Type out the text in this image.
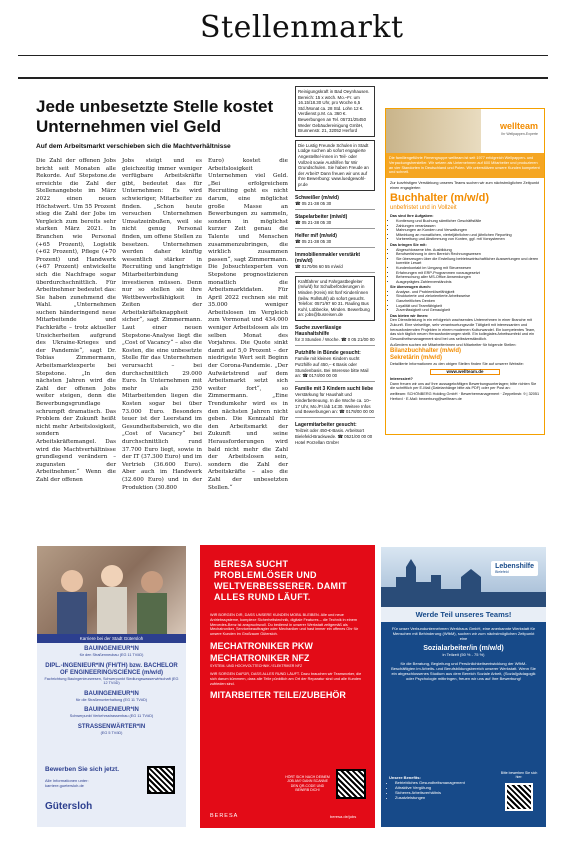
Stellenmarkt
Jede unbesetzte Stelle kostet Unternehmen viel Geld
Auf dem Arbeitsmarkt verschieben sich die Machtverhältnisse
Die Zahl der offenen Jobs bricht seit Monaten alle Rekorde. Auf Stepstone.de erreichte die Zahl der Stellenangebote im März 2022 einen neuen Höchstwert. Um 55 Prozent stieg die Zahl der Jobs im Vergleich zum bereits sehr starken März 2021. In Branchen wie Personal (+65 Prozent), Logistik (+62 Prozent), Pflege (+70 Prozent) und Handwerk (+67 Prozent) entwickelte sich die Nachfrage sogar überdurchschnittlich. Für Arbeitnehmer bedeutet das: Sie haben zunehmend die Wahl. „Unternehmen suchen händeringend neue Mitarbeitende und Fachkräfte – trotz aktueller Unsicherheiten aufgrund des Ukraine-Krieges und der Pandemie“, sagt Dr. Tobias Zimmermann, Arbeitsmarktexperte bei Stepstone. „In den nächsten Jahren wird die Zahl der offenen Jobs weiter steigen, denn die Bewerbungsgrundlage schrumpft dramatisch. Das Problem der Zukunft heißt nicht mehr Arbeitslosigkeit, sondern Arbeitskräftemangel. Das wird die Machtverhältnisse grundlegend verändern – zugunsten der Arbeitnehmer.“ Wenn die Zahl der offenen
Jobs steigt und es gleichzeitig immer weniger verfügbare Arbeitskräfte gibt, bedeutet das für Unternehmen: Es wird schwieriger, Mitarbeiter zu finden. „Schon heute versuchen Unternehmen Umsatzeinbußen, weil sie nicht genug Personal finden, um offene Stellen zu besetzen. Unternehmen werden daher künftig wesentlich stärker in Recruiting und langfristige Mitarbeiterbindung investieren müssen. Denn nur so stellen sie ihre Wettbewerbsfähigkeit in Zeiten der Arbeitskräfteknappheit sicher“, sagt Zimmermann. Laut einer neuen Stepstone-Analyse liegt die „Cost of Vacancy“ – also die Kosten, die eine unbesetzte Stelle für das Unternehmen verursacht – bei durchschnittlich 29.000 Euro. In Unternehmen mit mehr als 250 Mitarbeitenden liegen die Kosten sogar bei über 73.000 Euro. Besonders teuer ist der Leerstand im Gesundheitsbereich, wo die „Cost of Vacancy“ bei durchschnittlich rund 37.700 Euro liegt, sowie in der IT (37.300 Euro) und im Vertrieb (36.600 Euro). Aber auch im Handwerk (32.600 Euro) und in der Produktion (30.800
Euro) kostet die Arbeitslosigkeit Unternehmen viel Geld. „Bei erfolgreichem Recruiting geht es nicht darum, eine möglichst große Masse an Bewerbungen zu sammeln, sondern in möglichst kurzer Zeit genau die Talente und Menschen zusammenzubringen, die wirklich zusammen passen“, sagt Zimmermann. Die Jobsuchtexperten von Stepstone prognostizieren monatlich die Arbeitsmarktdaten. Für April 2022 rechnen sie mit 35.000 weniger Arbeitslosen im Vergleich zum Vormonat und 434.000 weniger Arbeitslosen als im selben Monat des Vorjahres. Die Quote sinkt damit auf 5,0 Prozent – der niedrigste Wert seit Beginn der Corona-Pandemie. „Der Aufwärtstrend auf dem Arbeitsmarkt setzt sich weiter fort“, so Zimmermann. „Eine Trendumkehr wird es in den nächsten Jahren nicht geben. Die Kennzahl für den Arbeitsmarkt der Zukunft und seine Herausforderungen wird bald nicht mehr die Zahl der Arbeitslosen sein, sondern die Zahl der Arbeitskräfte – also die Zahl der unbesetzten Stellen.“
Reinigungskraft in Bad Oeynhausen. Bereich: 15 x wöch. Mo.–Fr. um 16.15/18.30 Uhr, pro Woche 6,5 Std./Monat ca. 28 Std. Lohn 12 €. Verdienst p.M. ca. 360 €. Bewerbungen an Tel. 05731/25450 Weder Gebäudereinigung GmbH, Brunnenstr. 21, 32052 Herford
Die Lustig Freunde Schulen in Stadt Lüdge suchen ab sofort engagierte Angestellte/-innen in Teil- oder Vollzeit sowie Aushilfen für Wir Grundschulen. Sie haben Freude an der Arbeit? Dann freuen wir uns auf Ihre Bewerbung: www.luedgewohl-pr.de
Schweißer (m/w/d)
☎ 05 21-38 05 30
Stapelarbeiter (m/w/d)
☎ 05 21-38 05 30
Helfer m/f (m/w/d)
☎ 05 21-38 05 30
Immobilienmakler verstärkt (m/w/d)
☎ 0170/06 60 55 m/w/d
Kraftfahrer und Fahrgastbegleiter (m/w/d) für Schulbeförderungen in Minden (Kreis) mit fünf Kinder/innen (teilw. Rollstuhl) ab sofort gesucht. Telefon: 0571/97 60 31. Rauling Bus Kuhl, Lübbecke, Minden. Bewerbung an: jobs@busreisen.de
Suche zuverlässige Haushaltshilfe
für 3 Stunden / Woche. ☎ 0 05 21/00 00
Putzhilfe in Bünde gesucht:
Familie mit kleinen Kindern sucht Putzhilfe auf 450,– € Basis oder Stundenbasis. Bei Interesse bitte Mail an: ☎ 0174/00 00 00
Familie mit 3 Kindern sucht liebe
Verstärkung für Haushalt und Kinderbetreuung. In die Woche ca. 10–17 Uhr, Mo./Fr./ab 14:30. Weitere Infos und Bewerbungen an: ☎ 0178/00 00 00
Lagermitarbeiter gesucht:
Teilzeit oder 450-€-Basis. Arbeitsort Bielefeld-Brackwede. ☎ 0521/00 00 00 Hotel Porzellan GmbH
wellteam
Ihr Wellpappen-Experte
Die familiengeführte Firmengruppe wellteam ist seit 1977 erfolgreich Wellpappen- und Verpackungshersteller. Wir setzen als Unternehmen auf 600 Mitarbeiter und produzieren an vier Standorten in Deutschland und Polen. Wir unterstützen unsere Kunden kompetent und schnell.
Zur kurzfristigen Verstärkung unseres Teams suchen wir zum nächstmöglichen Zeitpunkt einen engagierten
Buchhalter (m/w/d)
unbefristet und in Vollzeit
Das sind Ihre Aufgaben:
• Kontierung und Buchung sämtlicher Geschäftsfälle
• Zahlungen veranlassen
• Mahnungen an Kunden und Verwaltungen
• Mitwirkung an monatlichen, vierteljährlichen und jährlichen Reporting
• Vorbereitung und Abstimmung von Konten, ggf. mit Vorsystemen
Das bringen Sie mit:
• Abgeschlossene kfm. Ausbildung
• Berufserfahrung in dem Bereich Rechnungswesen
• Sie überzeugen über die Erstellung betriebswirtschaftlicher Auswertungen und deren korrekte Lesart
• Kundenkontakt im Umgang mit Steuerwesen
• Erfahrungen mit ERP-Programmen vorausgesetzt
• Beherrschung aller MS-Office Anwendungen
• Ausgeprägtes Zahlenverständnis
Sie überzeugen durch:
• Analyse- und Problemlösefähigkeit
• Strukturierte und zielorientierte Arbeitsweise
• Ganzheitliches Denken
• Loyalität und Teamfähigkeit
• Zuverlässigkeit und Genauigkeit
Das bieten wir Ihnen:
Den Dienstleistung in ein erfolgreich wachsendes Unternehmen in einer Branche mit Zukunft. Eine vielseitige, sehr verantwortungsvolle Tätigkeit mit interessanten und herausfordernden Projekten in einem modernen Kulturwandel. Ein kompetentes Team, das sich täglich neuen Herausforderungen stellt. Ein kollegiales Arbeitsumfeld und ein Gesundheitsmanagement sind bei uns selbstverständlich.
Außerdem suchen wir Mitarbeiterinnen und Mitarbeiter für folgende Stellen:
Bilanzbuchhalter (m/w/d)
Sekretärin (m/w/d)
Detaillierte Informationen zu den obigen Stellen finden Sie auf unserer Website:
www.wellteam.de
Interessiert?
Dann freuen wir uns auf Ihre aussagekräftigen Bewerbungsunterlagen; bitte richten Sie die schriftlich per E-Mail (Dateianhänge bitte als PDF) oder per Post an:
wellteam: SCHÖNBERG Holding GmbH · Bewerbermanagement · Zeppelinstr. 9 | 32051 Herford · E-Mail: bewerbung@wellteam.de
Karriere bei der Stadt Gütersloh
BAUINGENIEUR*IN
für den Straßenneubau (EG 11 TVöD)
DIPL.-INGENIEUR*IN (FH/TH) bzw. BACHELOR OF ENGINEERING/SCIENCE (m/w/d)
Fachrichtung Bauingenieurwesen, Schwerpunkt Siedlungswasserwirtschaft (EG 12 TVöD)
BAUINGENIEUR*IN
für die Straßenunterhaltung (EG 11 TVöD)
BAUINGENIEUR*IN
Schwerpunkt Verkehrsstrassenbau (EG 11 TVöD)
STRASSENWÄRTER*IN
(EG 5 TVöD)
Bewerben Sie sich jetzt.
Alle Informationen unter: karriere.guetersloh.de
Gütersloh
BERESA SUCHT PROBLEMLÖSER UND WELTVERBESSERER. DAMIT ALLES RUND LÄUFT.
WIR BORGEN DIR, DASS UNSERE KUNDEN MOBIL BLEIBEN. Alle und neue Antriebssysteme, komplexe Sicherheitstechnik, digitale Features – die Technik in einem Mercedes-Benz ist anspruchsvoll. Du bedienst in unserer Werkstatt zeitgemäß als Mechatroniker, Servicebeauftragter oder Mechaniker und hast immer ein offenes Ohr für unsere Kunden im Großraum Gütersloh.
MECHATRONIKER PKW
MECHATRONIKER NFZ
SYSTEM- UND HOCHVOLTTECHNIK / ELEKTRIKER NFZ
WIR SORGEN DAFÜR, DASS ALLES RUND LÄUFT. Dazu brauchen wir Teamworker, die sich darum kümmern, dass alle Teile pünktlich am Ort der Reparatur sind und alle Kunden zufrieden sind.
MITARBEITER TEILE/ZUBEHÖR
HÖRT SICH NACH DEINEM JOB AN? DANN SCANNE DEN QR-CODE UND BEWIRB DICH!
BERESA	beresa.de/jobs
Lebenshilfe
Bielefeld
Werde Teil unseres Teams!
Für unser Verbundunternehmen Werkhaus GmbH, eine anerkannte Werkstatt für Menschen mit Behinderung (WfbM), suchen wir zum nächstmöglichen Zeitpunkt eine
Sozialarbeiter/in (m/w/d)
in Teilzeit (50 % - 75 %)
für die Beratung, Begleitung und Persönlichkeitsentwicklung der WfbM-Beschäftigten im Arbeits- und Berufsbildungsbereich unserer Werkstatt. Wenn Sie ein abgeschlossenes Studium aus dem Bereich Soziale Arbeit, (Sozial)pädagogik oder Psychologie mitbringen, freuen wir uns auf Ihre Bewerbung!
Unsere Benefits:
• Betriebliches Gesundheitsmanagement
• Attraktive Vergütung
• Sicheres Arbeitsverhältnis
• Zusatzleistungen
Bitte bewerben Sie sich hier:
